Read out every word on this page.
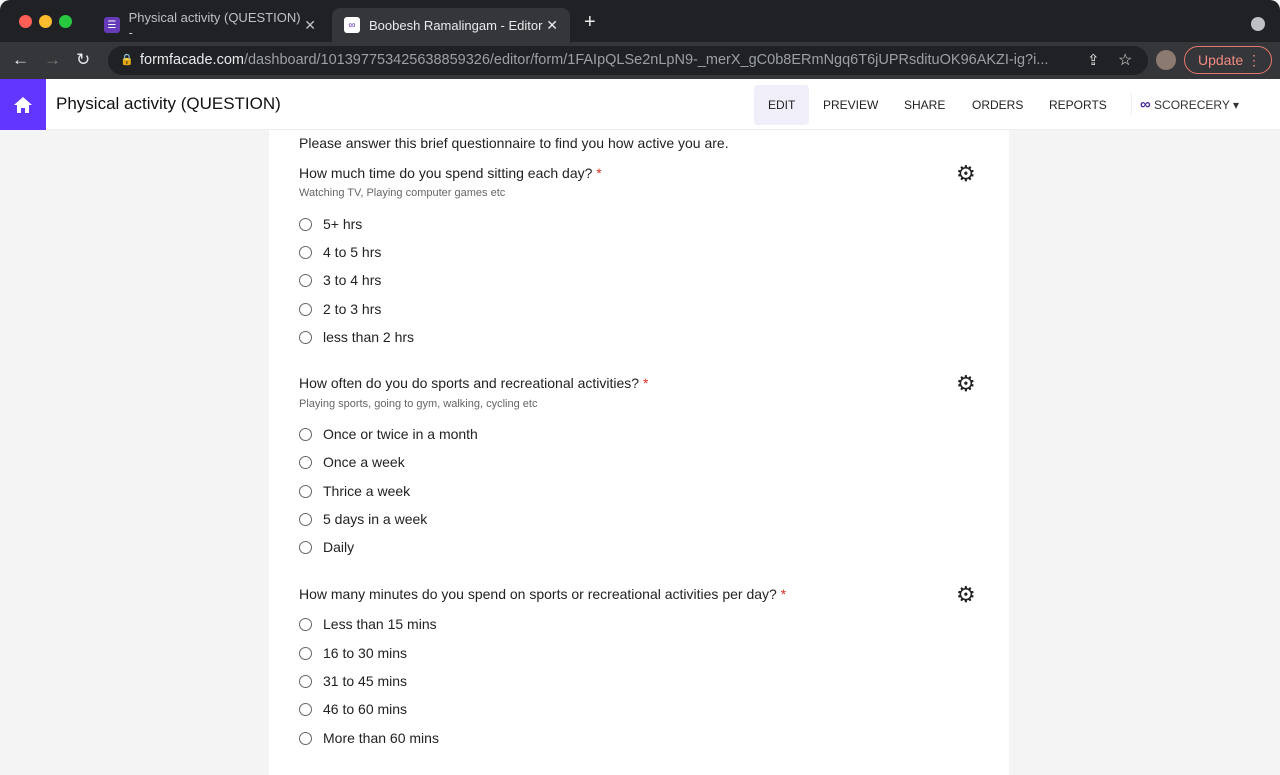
☰ Physical activity (QUESTION) -	✕	∞	Boobesh Ramalingam - Editor ✕ +
← → ↻	formfacade.com/dashboard/101397753425638859326/editor/form/1FAIpQLSe2nLpN9-_merX_gC0b8ERmNgq6T6jUPRsdituOK96AKZI-ig?i...
🔒	⇪ ☆	Update ⋮
Physical activity (QUESTION)	EDIT	PREVIEW	SHARE	ORDERS	REPORTS	∞ SCORECERY ▾
Please answer this brief questionnaire to find you how active you are.
How much time do you spend sitting each day? *
Watching TV, Playing computer games etc
⚙
5+ hrs
4 to 5 hrs
3 to 4 hrs
2 to 3 hrs
less than 2 hrs
How often do you do sports and recreational activities? *
Playing sports, going to gym, walking, cycling etc
⚙
Once or twice in a month
Once a week
Thrice a week
5 days in a week
Daily
How many minutes do you spend on sports or recreational activities per day? *	⚙
Less than 15 mins
16 to 30 mins
31 to 45 mins
46 to 60 mins
More than 60 mins
